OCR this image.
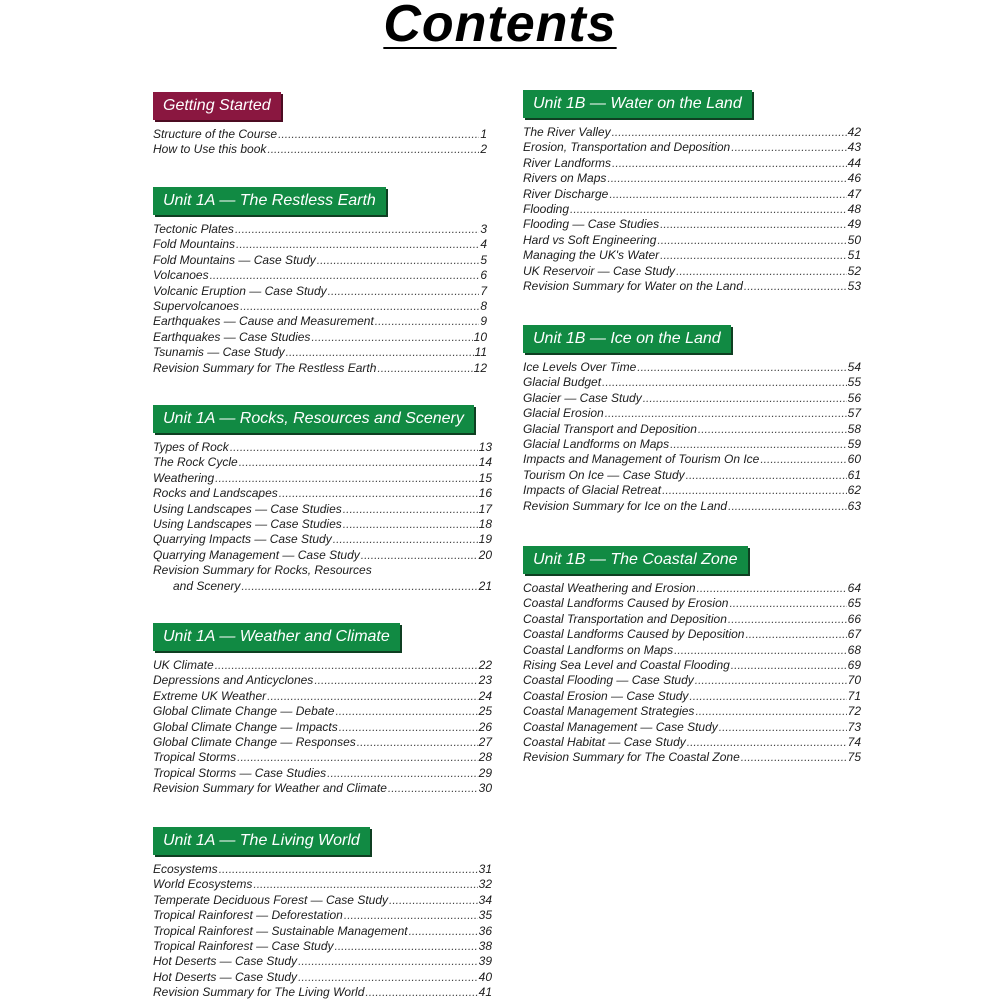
Contents
Getting Started
Structure of the Course .....	1
How to Use this book .....	2
Unit 1A — The Restless Earth
Tectonic Plates .....	3
Fold Mountains .....	4
Fold Mountains — Case Study .....	5
Volcanoes .....	6
Volcanic Eruption — Case Study .....	7
Supervolcanoes .....	8
Earthquakes — Cause and Measurement .....	9
Earthquakes — Case Studies .....	10
Tsunamis — Case Study .....	11
Revision Summary for The Restless Earth .....	12
Unit 1A — Rocks, Resources and Scenery
Types of Rock .....	13
The Rock Cycle .....	14
Weathering .....	15
Rocks and Landscapes .....	16
Using Landscapes — Case Studies .....	17
Using Landscapes — Case Studies .....	18
Quarrying Impacts — Case Study .....	19
Quarrying Management — Case Study .....	20
Revision Summary for Rocks, Resources
and Scenery .....	21
Unit 1A — Weather and Climate
UK Climate .....	22
Depressions and Anticyclones .....	23
Extreme UK Weather .....	24
Global Climate Change — Debate .....	25
Global Climate Change — Impacts .....	26
Global Climate Change — Responses .....	27
Tropical Storms .....	28
Tropical Storms — Case Studies .....	29
Revision Summary for Weather and Climate .....	30
Unit 1A — The Living World
Ecosystems .....	31
World Ecosystems .....	32
Temperate Deciduous Forest — Case Study .....	34
Tropical Rainforest — Deforestation .....	35
Tropical Rainforest — Sustainable Management .....	36
Tropical Rainforest — Case Study .....	38
Hot Deserts — Case Study .....	39
Hot Deserts — Case Study .....	40
Revision Summary for The Living World .....	41
Unit 1B — Water on the Land
The River Valley .....	42
Erosion, Transportation and Deposition .....	43
River Landforms .....	44
Rivers on Maps .....	46
River Discharge .....	47
Flooding .....	48
Flooding — Case Studies .....	49
Hard vs Soft Engineering .....	50
Managing the UK's Water .....	51
UK Reservoir — Case Study .....	52
Revision Summary for Water on the Land .....	53
Unit 1B — Ice on the Land
Ice Levels Over Time .....	54
Glacial Budget .....	55
Glacier — Case Study .....	56
Glacial Erosion .....	57
Glacial Transport and Deposition .....	58
Glacial Landforms on Maps .....	59
Impacts and Management of Tourism On Ice .....	60
Tourism On Ice — Case Study .....	61
Impacts of Glacial Retreat .....	62
Revision Summary for Ice on the Land .....	63
Unit 1B — The Coastal Zone
Coastal Weathering and Erosion .....	64
Coastal Landforms Caused by Erosion .....	65
Coastal Transportation and Deposition .....	66
Coastal Landforms Caused by Deposition .....	67
Coastal Landforms on Maps .....	68
Rising Sea Level and Coastal Flooding .....	69
Coastal Flooding — Case Study .....	70
Coastal Erosion — Case Study .....	71
Coastal Management Strategies .....	72
Coastal Management — Case Study .....	73
Coastal Habitat — Case Study .....	74
Revision Summary for The Coastal Zone .....	75
